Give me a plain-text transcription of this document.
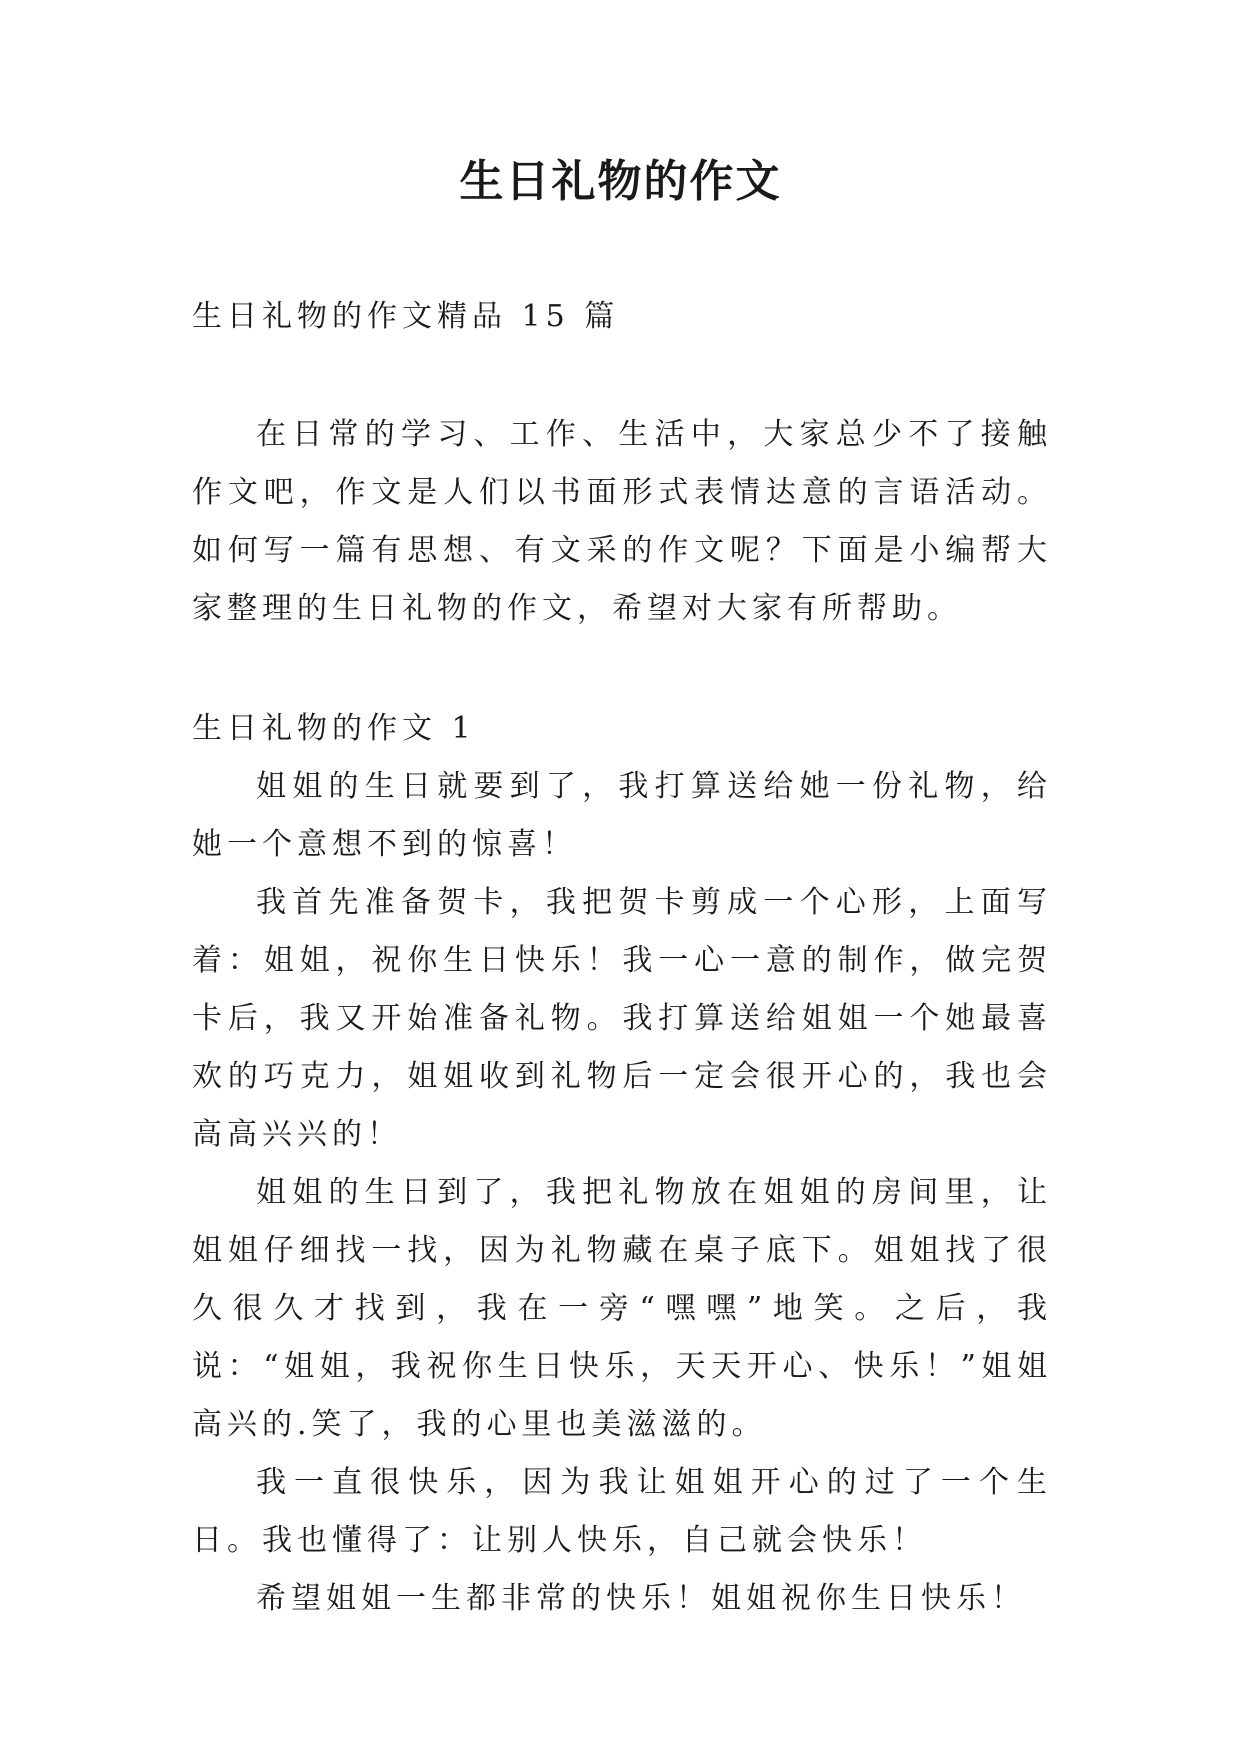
生日礼物的作文

生日礼物的作文精品 15 篇

在日常的学习、工作、生活中，大家总少不了接触作文吧，作文是人们以书面形式表情达意的言语活动。如何写一篇有思想、有文采的作文呢？下面是小编帮大家整理的生日礼物的作文，希望对大家有所帮助。

生日礼物的作文 1

姐姐的生日就要到了，我打算送给她一份礼物，给她一个意想不到的惊喜！

我首先准备贺卡，我把贺卡剪成一个心形，上面写着：姐姐，祝你生日快乐！我一心一意的制作，做完贺卡后，我又开始准备礼物。我打算送给姐姐一个她最喜欢的巧克力，姐姐收到礼物后一定会很开心的，我也会高高兴兴的！

姐姐的生日到了，我把礼物放在姐姐的房间里，让姐姐仔细找一找，因为礼物藏在桌子底下。姐姐找了很久很久才找到，我在一旁“嘿嘿”地笑。之后，我说：“姐姐，我祝你生日快乐，天天开心、快乐！”姐姐高兴的.笑了，我的心里也美滋滋的。

我一直很快乐，因为我让姐姐开心的过了一个生日。我也懂得了：让别人快乐，自己就会快乐！

希望姐姐一生都非常的快乐！姐姐祝你生日快乐！
